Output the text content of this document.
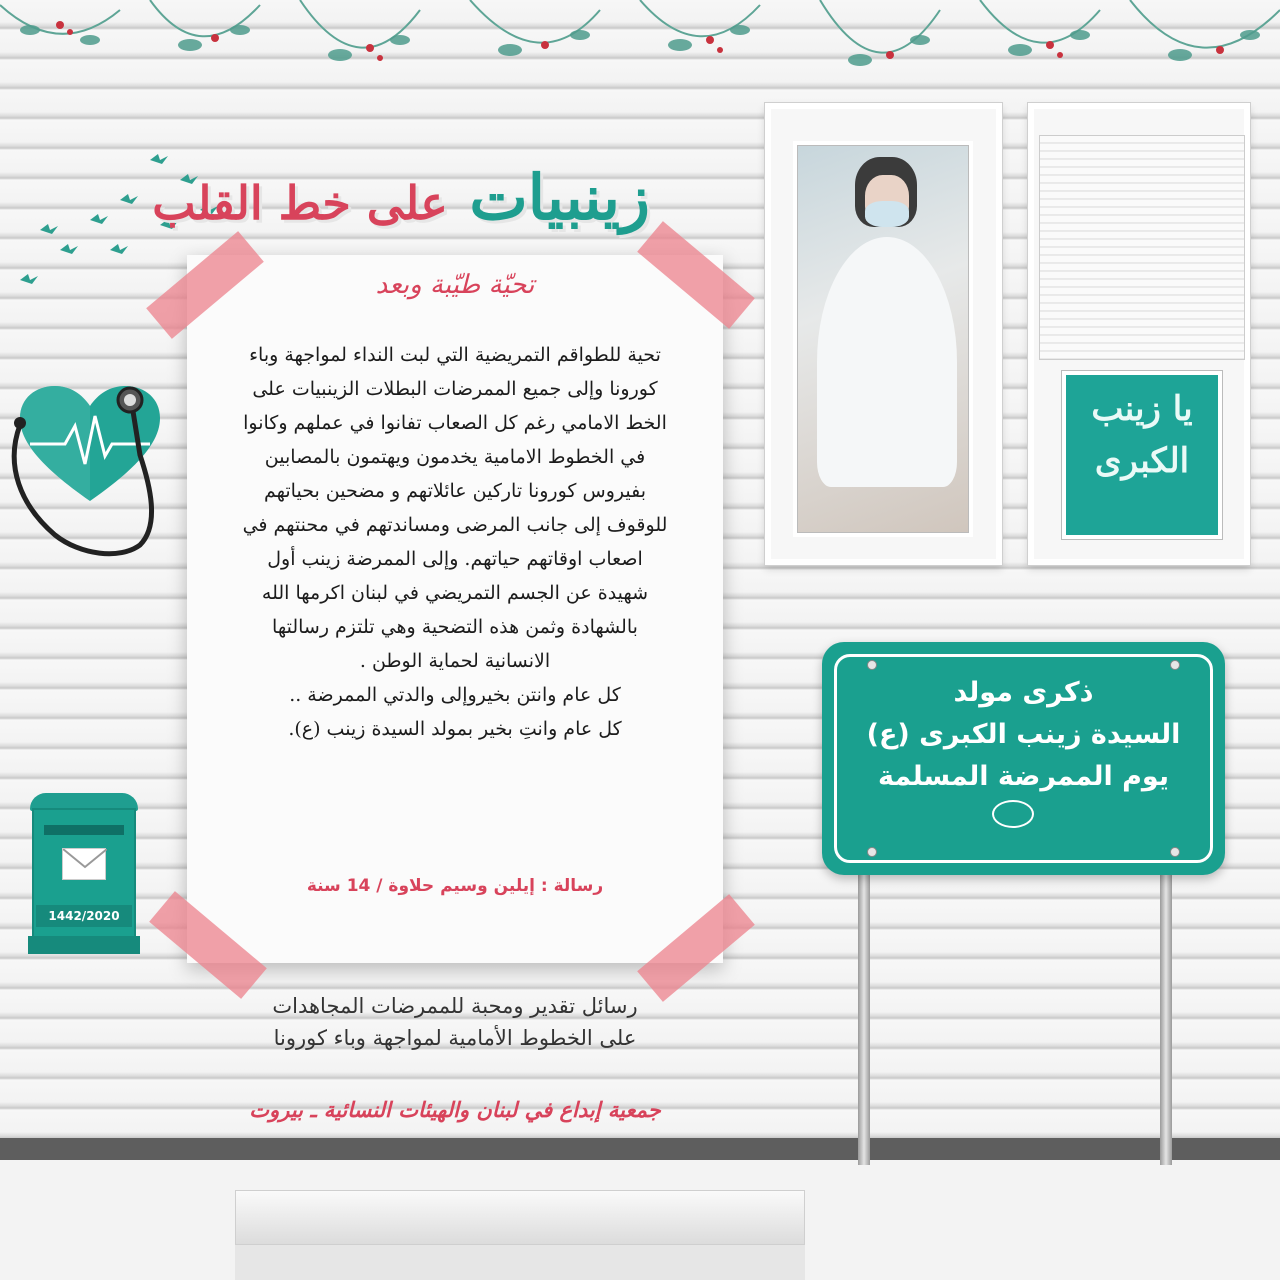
زينبيات على خط القلب
تحيّة طيّبة وبعد
تحية للطواقم التمريضية التي لبت النداء لمواجهة وباء
كورونا وإلى جميع الممرضات البطلات الزينبيات على
الخط الامامي رغم كل الصعاب تفانوا في عملهم وكانوا
في الخطوط الامامية يخدمون ويهتمون بالمصابين
بفيروس كورونا تاركين عائلاتهم و مضحين بحياتهم
للوقوف إلى جانب المرضى ومساندتهم في محنتهم في
اصعاب اوقاتهم حياتهم. وإلى الممرضة زينب أول
شهيدة عن الجسم التمريضي في لبنان اكرمها الله
بالشهادة وثمن هذه التضحية وهي تلتزم رسالتها
الانسانية لحماية الوطن .
كل عام وانتن بخيروإلى والدتي الممرضة ..
كل عام وانتِ بخير بمولد السيدة زينب (ع).
رسالة : إيلين وسيم حلاوة / 14 سنة
رسائل تقدير ومحبة للممرضات المجاهدات
على الخطوط الأمامية لمواجهة وباء كورونا
جمعية إبداع في لبنان والهيئات النسائية ـ بيروت
يا زينب
الكبرى
1442/2020
ذكرى مولد
السيدة زينب الكبرى (ع)
يوم الممرضة المسلمة
